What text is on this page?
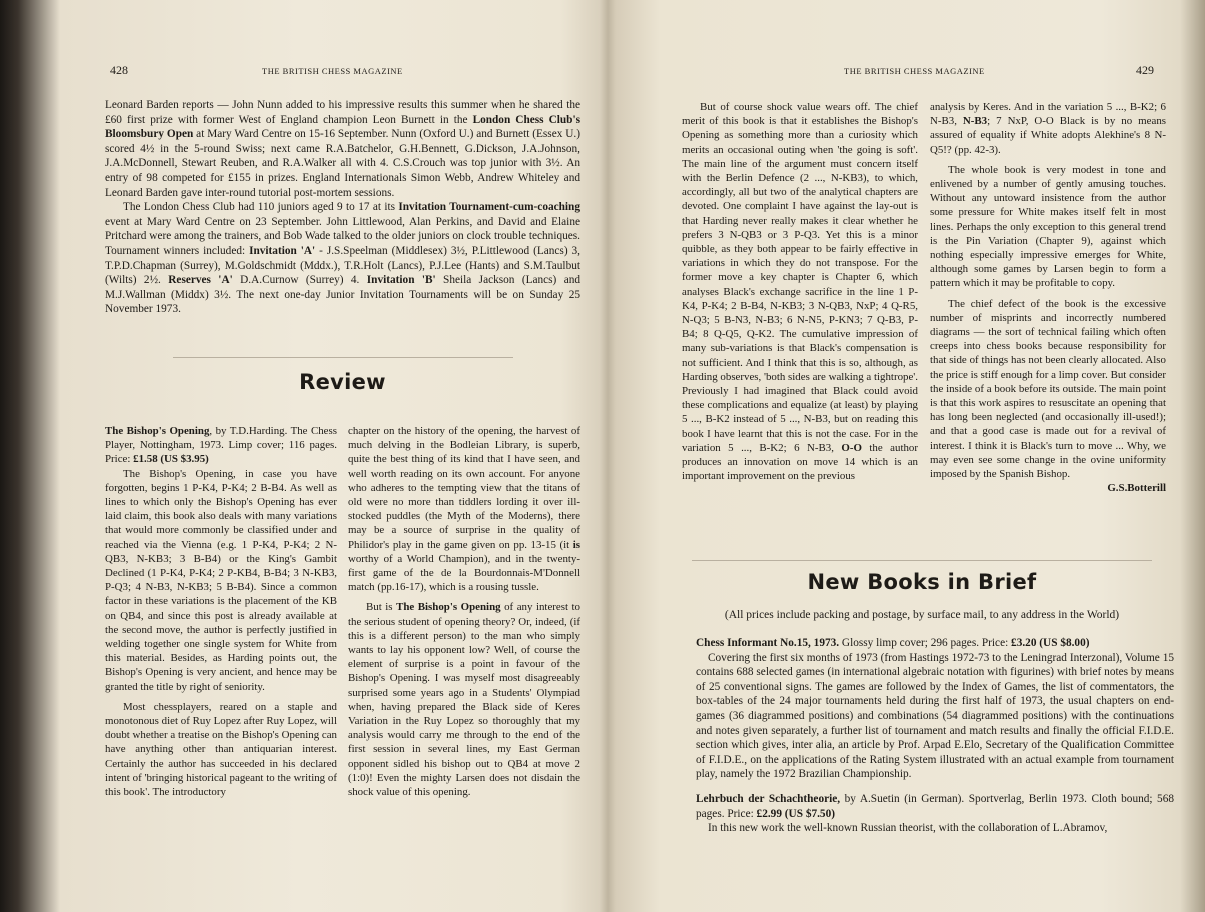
428	THE BRITISH CHESS MAGAZINE

Leonard Barden reports — John Nunn added to his impressive results this summer when he shared the £60 first prize with former West of England champion Leon Burnett in the London Chess Club's Bloomsbury Open at Mary Ward Centre on 15-16 September. Nunn (Oxford U.) and Burnett (Essex U.) scored 4½ in the 5-round Swiss; next came R.A.Batchelor, G.H.Bennett, G.Dickson, J.A.Johnson, J.A.McDonnell, Stewart Reuben, and R.A.Walker all with 4. C.S.Crouch was top junior with 3½. An entry of 98 competed for £155 in prizes. England Internationals Simon Webb, Andrew Whiteley and Leonard Barden gave inter-round tutorial post-mortem sessions.

The London Chess Club had 110 juniors aged 9 to 17 at its Invitation Tournament-cum-coaching event at Mary Ward Centre on 23 September. John Littlewood, Alan Perkins, and David and Elaine Pritchard were among the trainers, and Bob Wade talked to the older juniors on clock trouble techniques. Tournament winners included: Invitation 'A' - J.S.Speelman (Middlesex) 3½, P.Littlewood (Lancs) 3, T.P.D.Chapman (Surrey), M.Goldschmidt (Mddx.), T.R.Holt (Lancs), P.J.Lee (Hants) and S.M.Taulbut (Wilts) 2½. Reserves 'A' D.A.Curnow (Surrey) 4. Invitation 'B' Sheila Jackson (Lancs) and M.J.Wallman (Middx) 3½. The next one-day Junior Invitation Tournaments will be on Sunday 25 November 1973.

Review

The Bishop's Opening, by T.D.Harding. The Chess Player, Nottingham, 1973. Limp cover; 116 pages. Price: £1.58 (US $3.95)

The Bishop's Opening, in case you have forgotten, begins 1 P-K4, P-K4; 2 B-B4. As well as lines to which only the Bishop's Opening has ever laid claim, this book also deals with many variations that would more commonly be classified under and reached via the Vienna (e.g. 1 P-K4, P-K4; 2 N-QB3, N-KB3; 3 B-B4) or the King's Gambit Declined (1 P-K4, P-K4; 2 P-KB4, B-B4; 3 N-KB3, P-Q3; 4 N-B3, N-KB3; 5 B-B4). Since a common factor in these variations is the placement of the KB on QB4, and since this post is already available at the second move, the author is perfectly justified in welding together one single system for White from this material. Besides, as Harding points out, the Bishop's Opening is very ancient, and hence may be granted the title by right of seniority.

Most chessplayers, reared on a staple and monotonous diet of Ruy Lopez after Ruy Lopez, will doubt whether a treatise on the Bishop's Opening can have anything other than antiquarian interest. Certainly the author has succeeded in his declared intent of 'bringing historical pageant to the writing of this book'. The introductory

chapter on the history of the opening, the harvest of much delving in the Bodleian Library, is superb, quite the best thing of its kind that I have seen, and well worth reading on its own account. For anyone who adheres to the tempting view that the titans of old were no more than tiddlers lording it over ill-stocked puddles (the Myth of the Moderns), there may be a source of surprise in the quality of Philidor's play in the game given on pp. 13-15 (it is worthy of a World Champion), and in the twenty-first game of the de la Bourdonnais-M'Donnell match (pp.16-17), which is a rousing tussle.

But is The Bishop's Opening of any interest to the serious student of opening theory? Or, indeed, (if this is a different person) to the man who simply wants to lay his opponent low? Well, of course the element of surprise is a point in favour of the Bishop's Opening. I was myself most disagreeably surprised some years ago in a Students' Olympiad when, having prepared the Black side of Keres Variation in the Ruy Lopez so thoroughly that my analysis would carry me through to the end of the first session in several lines, my East German opponent sidled his bishop out to QB4 at move 2 (1:0)! Even the mighty Larsen does not disdain the shock value of this opening.

THE BRITISH CHESS MAGAZINE	429

But of course shock value wears off. The chief merit of this book is that it establishes the Bishop's Opening as something more than a curiosity which merits an occasional outing when 'the going is soft'. The main line of the argument must concern itself with the Berlin Defence (2 ..., N-KB3), to which, accordingly, all but two of the analytical chapters are devoted. One complaint I have against the lay-out is that Harding never really makes it clear whether he prefers 3 N-QB3 or 3 P-Q3. Yet this is a minor quibble, as they both appear to be fairly effective in variations in which they do not transpose. For the former move a key chapter is Chapter 6, which analyses Black's exchange sacrifice in the line 1 P-K4, P-K4; 2 B-B4, N-KB3; 3 N-QB3, NxP; 4 Q-R5, N-Q3; 5 B-N3, N-B3; 6 N-N5, P-KN3; 7 Q-B3, P-B4; 8 Q-Q5, Q-K2. The cumulative impression of many sub-variations is that Black's compensation is not sufficient. And I think that this is so, although, as Harding observes, 'both sides are walking a tightrope'. Previously I had imagined that Black could avoid these complications and equalize (at least) by playing 5 ..., B-K2 instead of 5 ..., N-B3, but on reading this book I have learnt that this is not the case. For in the variation 5 ..., B-K2; 6 N-B3, O-O the author produces an innovation on move 14 which is an important improvement on the previous

analysis by Keres. And in the variation 5 ..., B-K2; 6 N-B3, N-B3; 7 NxP, O-O Black is by no means assured of equality if White adopts Alekhine's 8 N-Q5!? (pp. 42-3).

The whole book is very modest in tone and enlivened by a number of gently amusing touches. Without any untoward insistence from the author some pressure for White makes itself felt in most lines. Perhaps the only exception to this general trend is the Pin Variation (Chapter 9), against which nothing especially impressive emerges for White, although some games by Larsen begin to form a pattern which it may be profitable to copy.

The chief defect of the book is the excessive number of misprints and incorrectly numbered diagrams — the sort of technical failing which often creeps into chess books because responsibility for that side of things has not been clearly allocated. Also the price is stiff enough for a limp cover. But consider the inside of a book before its outside. The main point is that this work aspires to resuscitate an opening that has long been neglected (and occasionally ill-used!); and that a good case is made out for a revival of interest. I think it is Black's turn to move ... Why, we may even see some change in the ovine uniformity imposed by the Spanish Bishop.

G.S.Botterill

New Books in Brief
(All prices include packing and postage, by surface mail, to any address in the World)

Chess Informant No.15, 1973. Glossy limp cover; 296 pages. Price: £3.20 (US $8.00)

Covering the first six months of 1973 (from Hastings 1972-73 to the Leningrad Interzonal), Volume 15 contains 688 selected games (in international algebraic notation with figurines) with brief notes by means of 25 conventional signs. The games are followed by the Index of Games, the list of commentators, the box-tables of the 24 major tournaments held during the first half of 1973, the usual chapters on end-games (36 diagrammed positions) and combinations (54 diagrammed positions) with the continuations and notes given separately, a further list of tournament and match results and finally the official F.I.D.E. section which gives, inter alia, an article by Prof. Arpad E.Elo, Secretary of the Qualification Committee of F.I.D.E., on the applications of the Rating System illustrated with an actual example from tournament play, namely the 1972 Brazilian Championship.

Lehrbuch der Schachtheorie, by A.Suetin (in German). Sportverlag, Berlin 1973. Cloth bound; 568 pages. Price: £2.99 (US $7.50)

In this new work the well-known Russian theorist, with the collaboration of L.Abramov,
